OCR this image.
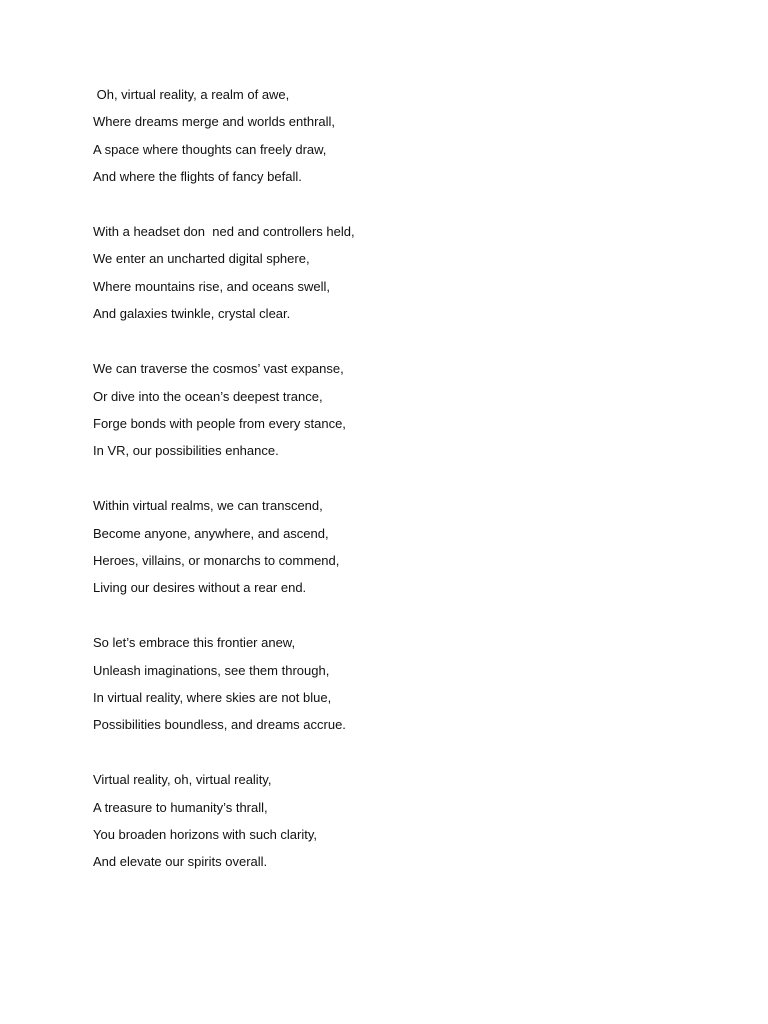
Oh, virtual reality, a realm of awe,
Where dreams merge and worlds enthrall,
A space where thoughts can freely draw,
And where the flights of fancy befall.
With a headset don  ned and controllers held,
We enter an uncharted digital sphere,
Where mountains rise, and oceans swell,
And galaxies twinkle, crystal clear.
We can traverse the cosmos’ vast expanse,
Or dive into the ocean’s deepest trance,
Forge bonds with people from every stance,
In VR, our possibilities enhance.
Within virtual realms, we can transcend,
Become anyone, anywhere, and ascend,
Heroes, villains, or monarchs to commend,
Living our desires without a rear end.
So let’s embrace this frontier anew,
Unleash imaginations, see them through,
In virtual reality, where skies are not blue,
Possibilities boundless, and dreams accrue.
Virtual reality, oh, virtual reality,
A treasure to humanity’s thrall,
You broaden horizons with such clarity,
And elevate our spirits overall.
